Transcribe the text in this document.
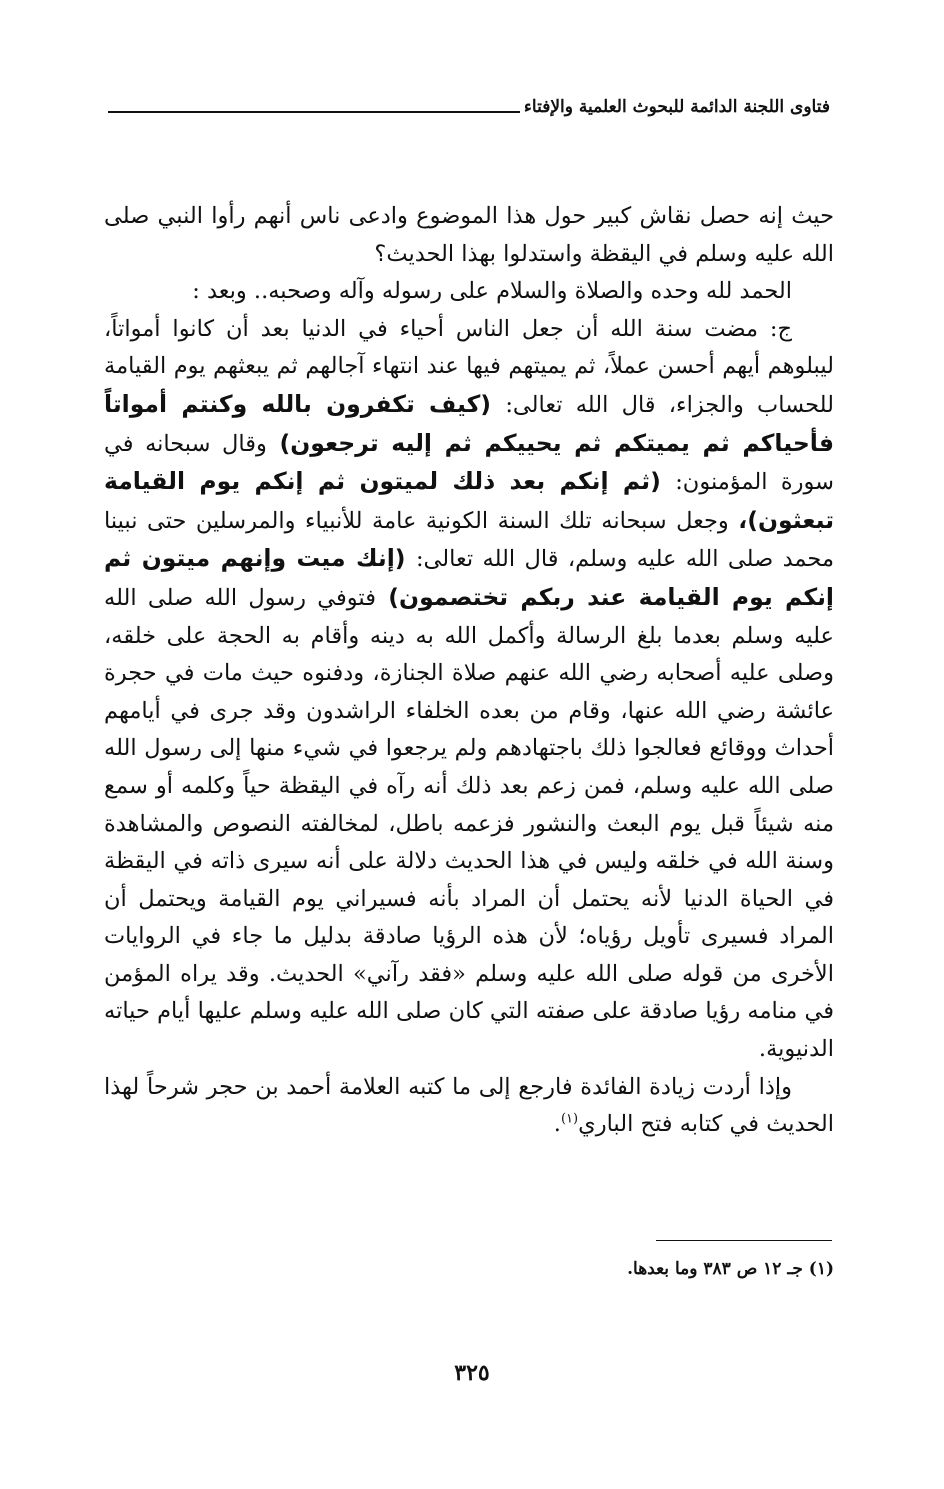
فتاوى اللجنة الدائمة للبحوث العلمية والإفتاء

حيث إنه حصل نقاش كبير حول هذا الموضوع وادعى ناس أنهم رأوا النبي صلى الله عليه وسلم في اليقظة واستدلوا بهذا الحديث؟

الحمد لله وحده والصلاة والسلام على رسوله وآله وصحبه.. وبعد :

ج: مضت سنة الله أن جعل الناس أحياء في الدنيا بعد أن كانوا أمواتاً، ليبلوهم أيهم أحسن عملاً، ثم يميتهم فيها عند انتهاء آجالهم ثم يبعثهم يوم القيامة للحساب والجزاء، قال الله تعالى: (كيف تكفرون بالله وكنتم أمواتاً فأحياكم ثم يميتكم ثم يحييكم ثم إليه ترجعون) وقال سبحانه في سورة المؤمنون: (ثم إنكم بعد ذلك لميتون ثم إنكم يوم القيامة تبعثون)، وجعل سبحانه تلك السنة الكونية عامة للأنبياء والمرسلين حتى نبينا محمد صلى الله عليه وسلم، قال الله تعالى: (إنك ميت وإنهم ميتون ثم إنكم يوم القيامة عند ربكم تختصمون) فتوفي رسول الله صلى الله عليه وسلم بعدما بلغ الرسالة وأكمل الله به دينه وأقام به الحجة على خلقه، وصلى عليه أصحابه رضي الله عنهم صلاة الجنازة، ودفنوه حيث مات في حجرة عائشة رضي الله عنها، وقام من بعده الخلفاء الراشدون وقد جرى في أيامهم أحداث ووقائع فعالجوا ذلك باجتهادهم ولم يرجعوا في شيء منها إلى رسول الله صلى الله عليه وسلم، فمن زعم بعد ذلك أنه رآه في اليقظة حياً وكلمه أو سمع منه شيئاً قبل يوم البعث والنشور فزعمه باطل، لمخالفته النصوص والمشاهدة وسنة الله في خلقه وليس في هذا الحديث دلالة على أنه سيرى ذاته في اليقظة في الحياة الدنيا لأنه يحتمل أن المراد بأنه فسيراني يوم القيامة ويحتمل أن المراد فسيرى تأويل رؤياه؛ لأن هذه الرؤيا صادقة بدليل ما جاء في الروايات الأخرى من قوله صلى الله عليه وسلم «فقد رآني» الحديث. وقد يراه المؤمن في منامه رؤيا صادقة على صفته التي كان صلى الله عليه وسلم عليها أيام حياته الدنيوية.

وإذا أردت زيادة الفائدة فارجع إلى ما كتبه العلامة أحمد بن حجر شرحاً لهذا الحديث في كتابه فتح الباري$^{(١)}$.

(١) جـ ١٢ ص ٣٨٣ وما بعدها.
٣٢٥
